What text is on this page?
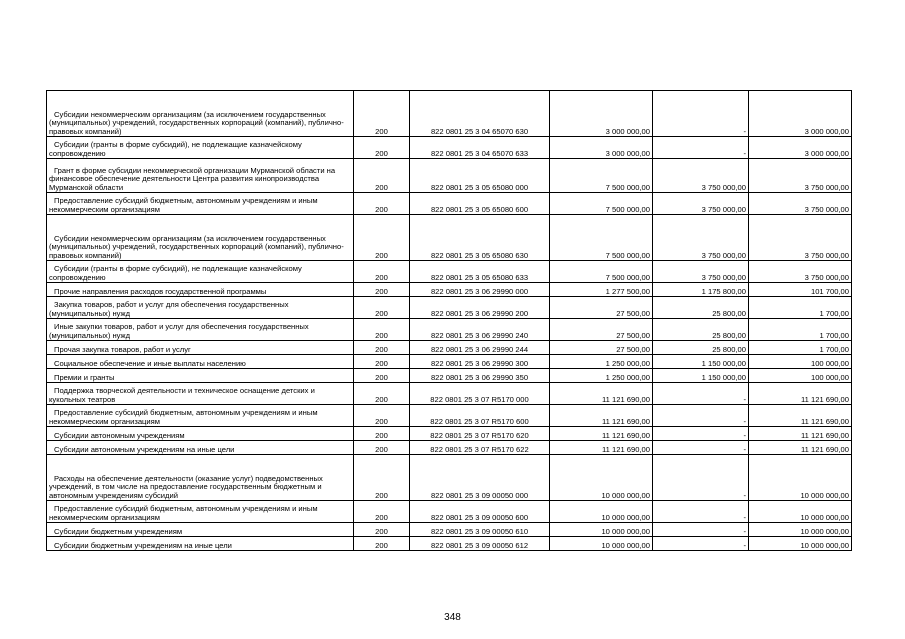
Субсидии некоммерческим организациям (за исключением государственных (муниципальных) учреждений, государственных корпораций (компаний), публично-правовых компаний)	200	822 0801 25 3 04 65070 630	3 000 000,00	-	3 000 000,00

Субсидии (гранты в форме субсидий), не подлежащие казначейскому сопровождению	200	822 0801 25 3 04 65070 633	3 000 000,00	-	3 000 000,00

Грант в форме субсидии некоммерческой организации Мурманской области на финансовое обеспечение деятельности Центра развития кинопроизводства Мурманской области	200	822 0801 25 3 05 65080 000	7 500 000,00	3 750 000,00	3 750 000,00

Предоставление субсидий бюджетным, автономным учреждениям и иным некоммерческим организациям	200	822 0801 25 3 05 65080 600	7 500 000,00	3 750 000,00	3 750 000,00

Субсидии некоммерческим организациям (за исключением государственных (муниципальных) учреждений, государственных корпораций (компаний), публично-правовых компаний)	200	822 0801 25 3 05 65080 630	7 500 000,00	3 750 000,00	3 750 000,00

Субсидии (гранты в форме субсидий), не подлежащие казначейскому сопровождению	200	822 0801 25 3 05 65080 633	7 500 000,00	3 750 000,00	3 750 000,00

Прочие направления расходов государственной программы	200	822 0801 25 3 06 29990 000	1 277 500,00	1 175 800,00	101 700,00

Закупка товаров, работ и услуг для обеспечения государственных (муниципальных) нужд	200	822 0801 25 3 06 29990 200	27 500,00	25 800,00	1 700,00

Иные закупки товаров, работ и услуг для обеспечения государственных (муниципальных) нужд	200	822 0801 25 3 06 29990 240	27 500,00	25 800,00	1 700,00

Прочая закупка товаров, работ и услуг	200	822 0801 25 3 06 29990 244	27 500,00	25 800,00	1 700,00

Социальное обеспечение и иные выплаты населению	200	822 0801 25 3 06 29990 300	1 250 000,00	1 150 000,00	100 000,00

Премии и гранты	200	822 0801 25 3 06 29990 350	1 250 000,00	1 150 000,00	100 000,00

Поддержка творческой деятельности и техническое оснащение детских и кукольных театров	200	822 0801 25 3 07 R5170 000	11 121 690,00	-	11 121 690,00

Предоставление субсидий бюджетным, автономным учреждениям и иным некоммерческим организациям	200	822 0801 25 3 07 R5170 600	11 121 690,00	-	11 121 690,00

Субсидии автономным учреждениям	200	822 0801 25 3 07 R5170 620	11 121 690,00	-	11 121 690,00

Субсидии автономным учреждениям на иные цели	200	822 0801 25 3 07 R5170 622	11 121 690,00	-	11 121 690,00

Расходы на обеспечение деятельности (оказание услуг) подведомственных учреждений, в том числе на предоставление государственным бюджетным и автономным учреждениям субсидий	200	822 0801 25 3 09 00050 000	10 000 000,00	-	10 000 000,00

Предоставление субсидий бюджетным, автономным учреждениям и иным некоммерческим организациям	200	822 0801 25 3 09 00050 600	10 000 000,00	-	10 000 000,00

Субсидии бюджетным учреждениям	200	822 0801 25 3 09 00050 610	10 000 000,00	-	10 000 000,00

Субсидии бюджетным учреждениям на иные цели	200	822 0801 25 3 09 00050 612	10 000 000,00	-	10 000 000,00
348
